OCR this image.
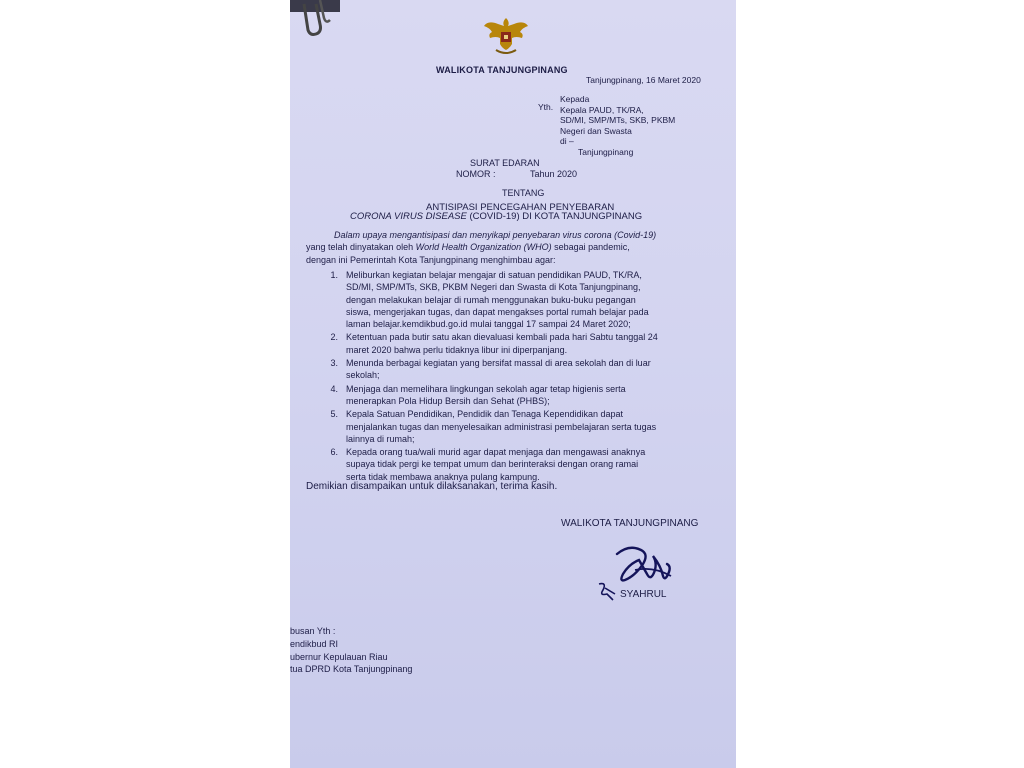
WALIKOTA TANJUNGPINANG
Tanjungpinang, 16 Maret 2020
Yth.
Kepada
Kepala PAUD, TK/RA,
SD/MI, SMP/MTs, SKB, PKBM
Negeri dan Swasta
di –
Tanjungpinang
SURAT EDARAN
NOMOR :	Tahun 2020
TENTANG
ANTISIPASI PENCEGAHAN PENYEBARAN
CORONA VIRUS DISEASE (COVID-19) DI KOTA TANJUNGPINANG
Dalam upaya mengantisipasi dan menyikapi penyebaran virus corona (Covid-19)
yang telah dinyatakan oleh World Health Organization (WHO) sebagai pandemic,
dengan ini Pemerintah Kota Tanjungpinang menghimbau agar:
1. Meliburkan kegiatan belajar mengajar di satuan pendidikan PAUD, TK/RA,
SD/MI, SMP/MTs, SKB, PKBM Negeri dan Swasta di Kota Tanjungpinang,
dengan melakukan belajar di rumah menggunakan buku-buku pegangan
siswa, mengerjakan tugas, dan dapat mengakses portal rumah belajar pada
laman belajar.kemdikbud.go.id mulai tanggal 17 sampai 24 Maret 2020;
2. Ketentuan pada butir satu akan dievaluasi kembali pada hari Sabtu tanggal 24
maret 2020 bahwa perlu tidaknya libur ini diperpanjang.
3. Menunda berbagai kegiatan yang bersifat massal di area sekolah dan di luar
sekolah;
4. Menjaga dan memelihara lingkungan sekolah agar tetap higienis serta
menerapkan Pola Hidup Bersih dan Sehat (PHBS);
5. Kepala Satuan Pendidikan, Pendidik dan Tenaga Kependidikan dapat
menjalankan tugas dan menyelesaikan administrasi pembelajaran serta tugas
lainnya di rumah;
6. Kepada orang tua/wali murid agar dapat menjaga dan mengawasi anaknya
supaya tidak pergi ke tempat umum dan berinteraksi dengan orang ramai
serta tidak membawa anaknya pulang kampung.
Demikian disampaikan untuk dilaksanakan, terima kasih.
WALIKOTA TANJUNGPINANG
SYAHRUL
busan Yth :
endikbud RI
ubernur Kepulauan Riau
tua DPRD Kota Tanjungpinang
